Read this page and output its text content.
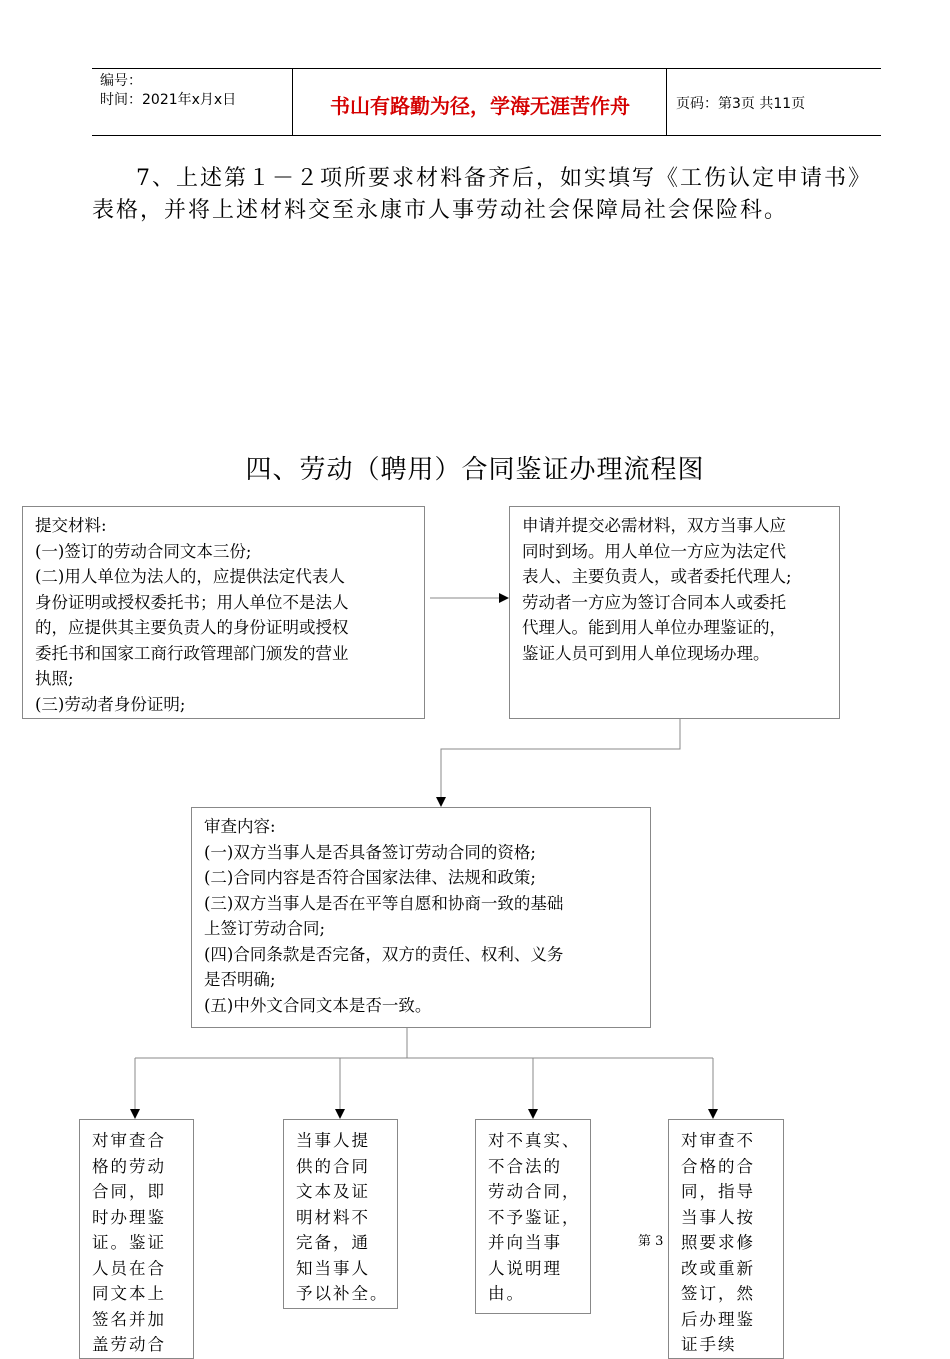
编号：
时间：2021年x月x日	书山有路勤为径，学海无涯苦作舟	页码：第3页 共11页
7、上述第１－２项所要求材料备齐后，如实填写《工伤认定申请书》表格，并将上述材料交至永康市人事劳动社会保障局社会保险科。
四、劳动（聘用）合同鉴证办理流程图
提交材料:
(一)签订的劳动合同文本三份;
(二)用人单位为法人的，应提供法定代表人
身份证明或授权委托书；用人单位不是法人
的，应提供其主要负责人的身份证明或授权
委托书和国家工商行政管理部门颁发的营业
执照;
(三)劳动者身份证明;
申请并提交必需材料，双方当事人应
同时到场。用人单位一方应为法定代
表人、主要负责人，或者委托代理人;
劳动者一方应为签订合同本人或委托
代理人。能到用人单位办理鉴证的，
鉴证人员可到用人单位现场办理。
审查内容:
(一)双方当事人是否具备签订劳动合同的资格;
(二)合同内容是否符合国家法律、法规和政策;
(三)双方当事人是否在平等自愿和协商一致的基础
上签订劳动合同;
(四)合同条款是否完备，双方的责任、权利、义务
是否明确;
(五)中外文合同文本是否一致。
对审查合
格的劳动
合同，即
时办理鉴
证。鉴证
人员在合
同文本上
签名并加
盖劳动合
当事人提
供的合同
文本及证
明材料不
完备，通
知当事人
予以补全。
对不真实、
不合法的
劳动合同，
不予鉴证，
并向当事
人说明理
由。
对审查不
合格的合
同，指导
当事人按
照要求修
改或重新
签订，然
后办理鉴
证手续
第 3
